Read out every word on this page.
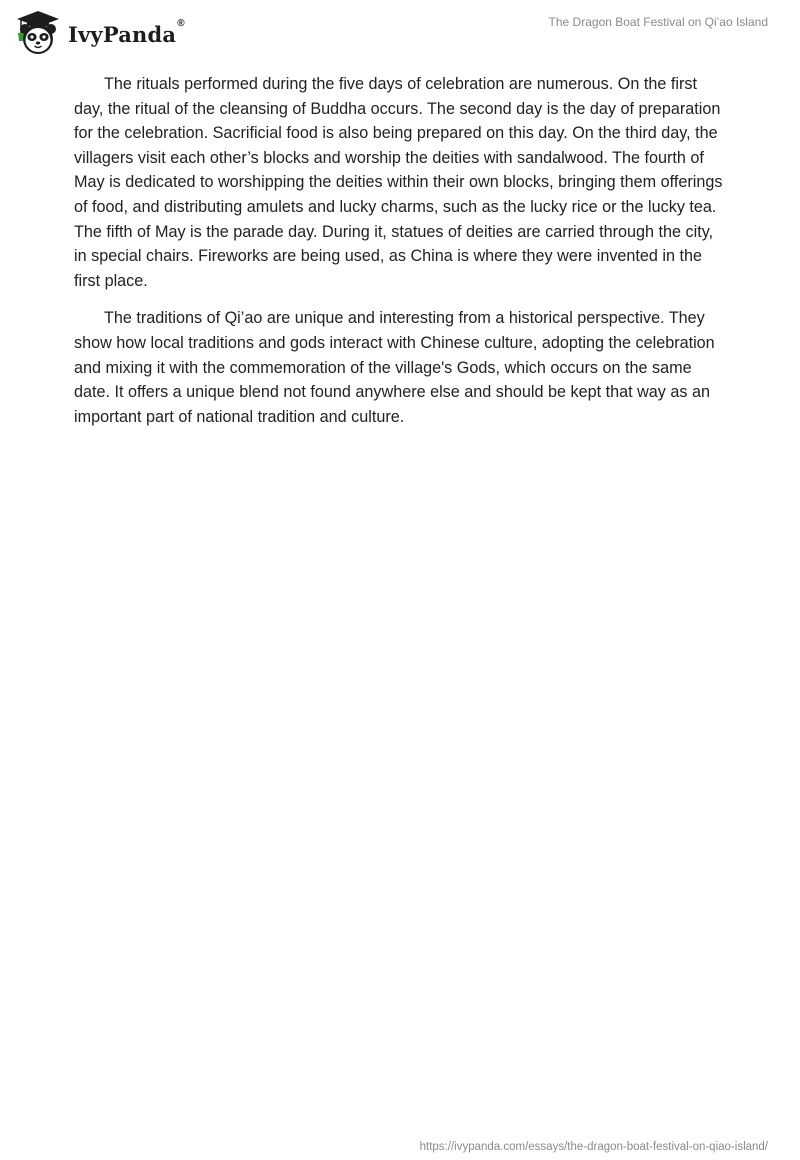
IvyPanda ®	The Dragon Boat Festival on Qi’ao Island

The rituals performed during the five days of celebration are numerous. On the first day, the ritual of the cleansing of Buddha occurs. The second day is the day of preparation for the celebration. Sacrificial food is also being prepared on this day. On the third day, the villagers visit each other’s blocks and worship the deities with sandalwood. The fourth of May is dedicated to worshipping the deities within their own blocks, bringing them offerings of food, and distributing amulets and lucky charms, such as the lucky rice or the lucky tea. The fifth of May is the parade day. During it, statues of deities are carried through the city, in special chairs. Fireworks are being used, as China is where they were invented in the first place.

The traditions of Qi’ao are unique and interesting from a historical perspective. They show how local traditions and gods interact with Chinese culture, adopting the celebration and mixing it with the commemoration of the village's Gods, which occurs on the same date. It offers a unique blend not found anywhere else and should be kept that way as an important part of national tradition and culture.

https://ivypanda.com/essays/the-dragon-boat-festival-on-qiao-island/
